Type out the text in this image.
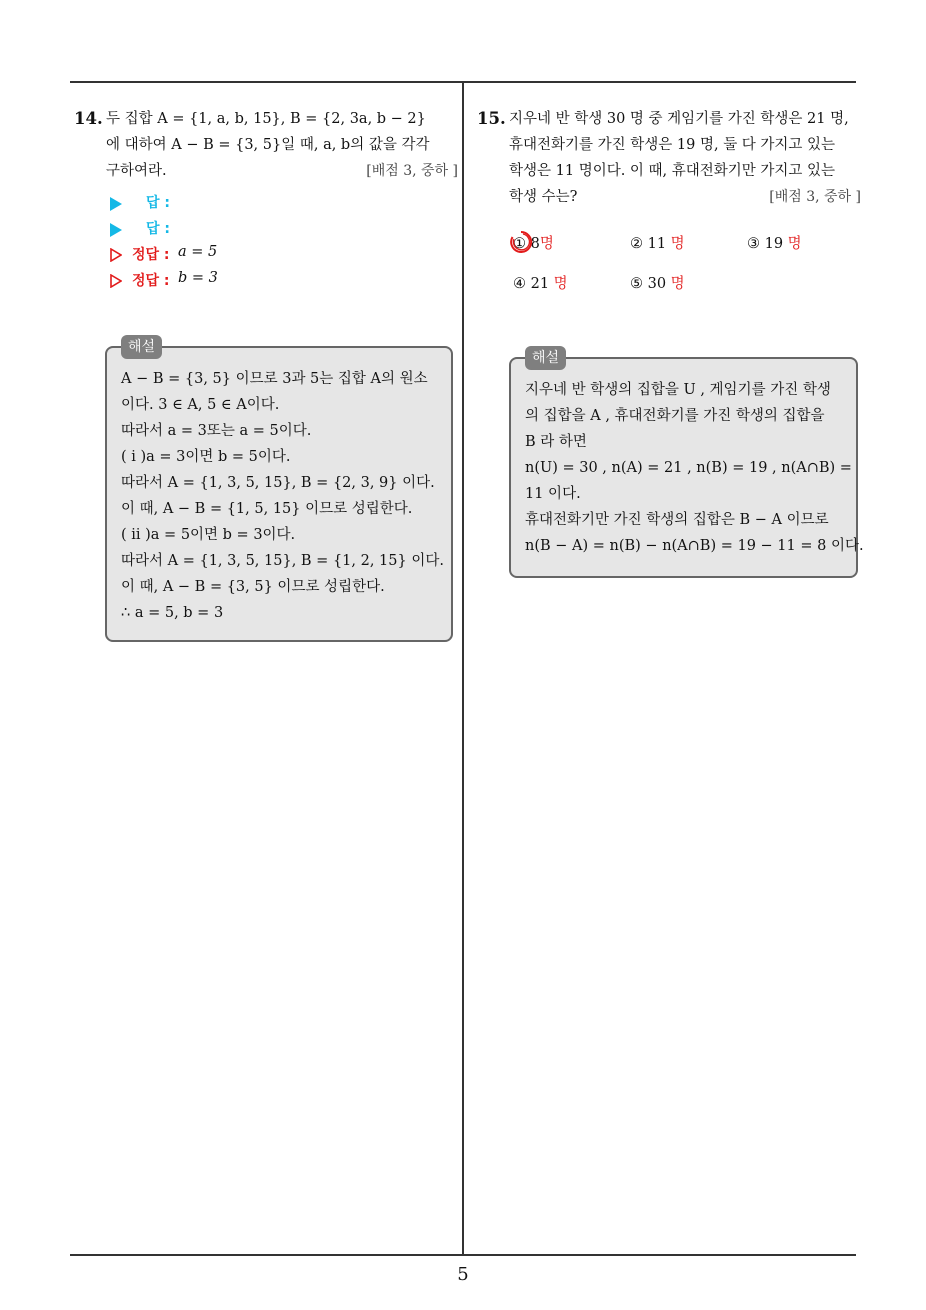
14. 두 집합 A = {1, a, b, 15}, B = {2, 3a, b − 2}
에 대하여 A − B = {3, 5}일 때, a, b의 값을 각각
구하여라.	[배점 3, 중하 ]
답 :
답 :
정답 : a = 5
정답 : b = 3
해설
A − B = {3, 5} 이므로 3과 5는 집합 A의 원소
이다. 3 ∈ A, 5 ∈ A이다.
따라서 a = 3또는 a = 5이다.
( i )a = 3이면 b = 5이다.
따라서 A = {1, 3, 5, 15}, B = {2, 3, 9} 이다.
이 때, A − B = {1, 5, 15} 이므로 성립한다.
( ii )a = 5이면 b = 3이다.
따라서 A = {1, 3, 5, 15}, B = {1, 2, 15} 이다.
이 때, A − B = {3, 5} 이므로 성립한다.
∴ a = 5, b = 3
15. 지우네 반 학생 30 명 중 게임기를 가진 학생은 21 명,
휴대전화기를 가진 학생은 19 명, 둘 다 가지고 있는
학생은 11 명이다. 이 때, 휴대전화기만 가지고 있는
학생 수는?	[배점 3, 중하 ]
① 8명	② 11 명	③ 19 명
④ 21 명	⑤ 30 명
해설
지우네 반 학생의 집합을 U , 게임기를 가진 학생
의 집합을 A , 휴대전화기를 가진 학생의 집합을
B 라 하면
n(U) = 30 , n(A) = 21 , n(B) = 19 , n(A∩B) =
11 이다.
휴대전화기만 가진 학생의 집합은 B − A 이므로
n(B − A) = n(B) − n(A∩B) = 19 − 11 = 8 이다.
5
